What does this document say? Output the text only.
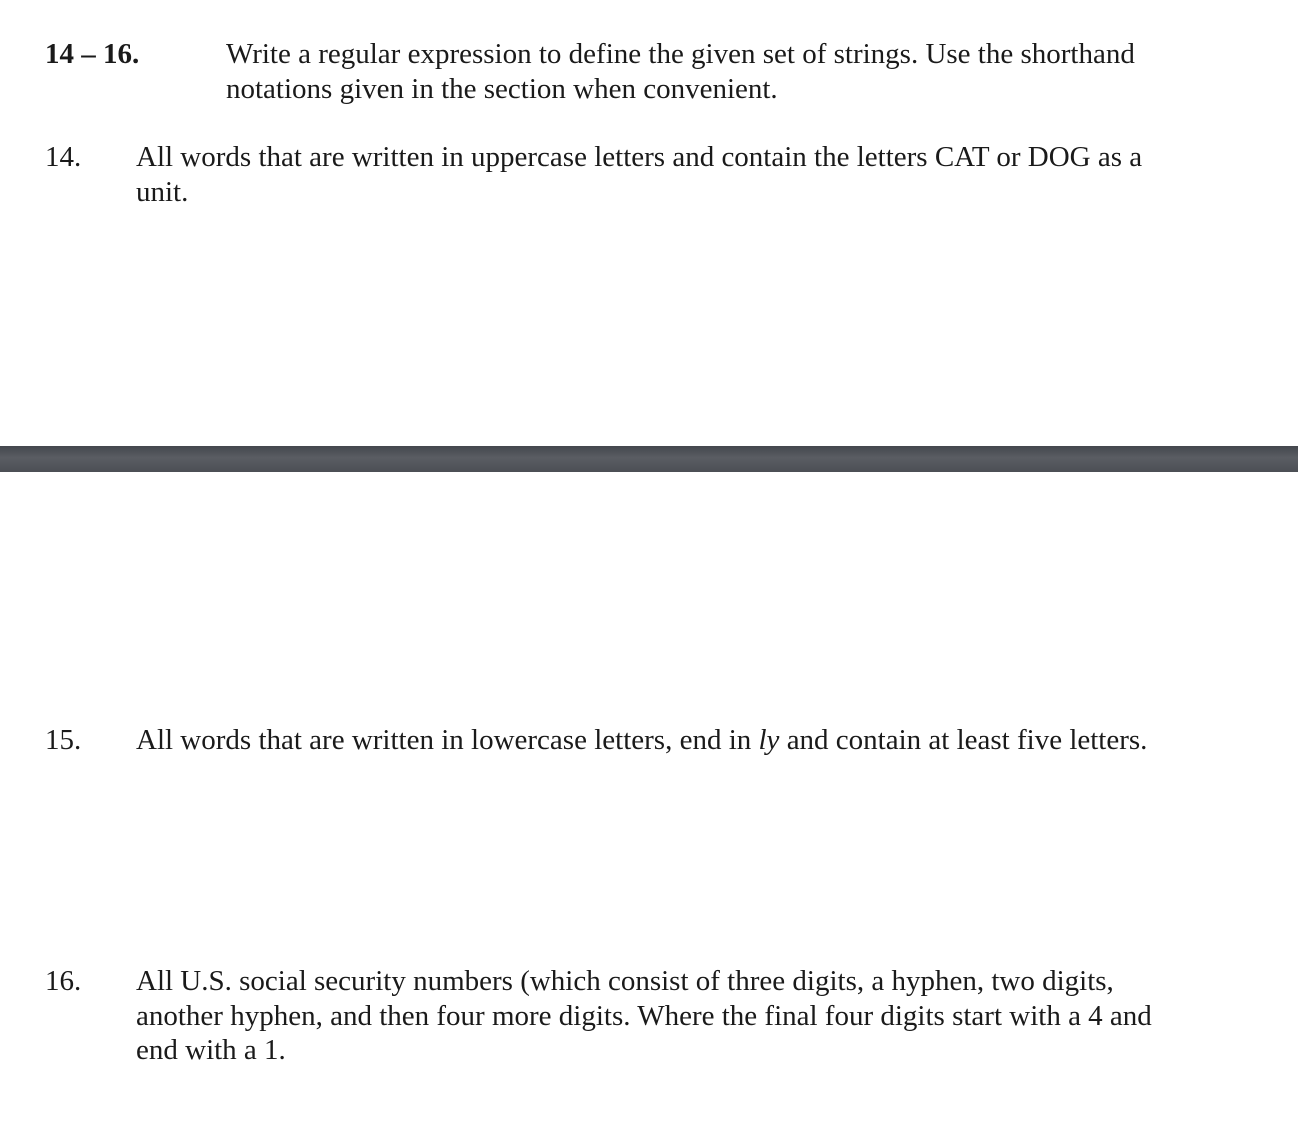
14 – 16.	Write a regular expression to define the given set of strings. Use the shorthand
notations given in the section when convenient.
14. All words that are written in uppercase letters and contain the letters CAT or DOG as a
unit.
15. All words that are written in lowercase letters, end in ly and contain at least five letters.
16. All U.S. social security numbers (which consist of three digits, a hyphen, two digits,
another hyphen, and then four more digits. Where the final four digits start with a 4 and
end with a 1.
